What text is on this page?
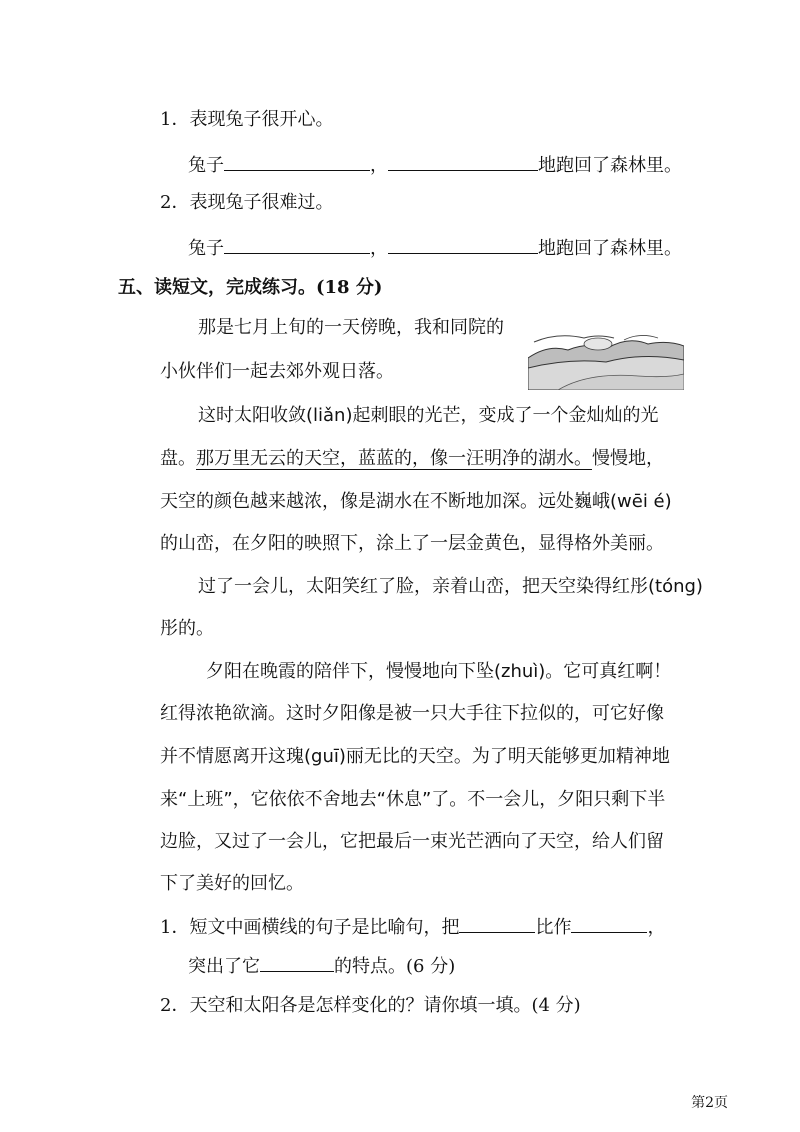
1．表现兔子很开心。
兔子	，	地跑回了森林里。
2．表现兔子很难过。
兔子	，	地跑回了森林里。
五、读短文，完成练习。(18 分)
那是七月上旬的一天傍晚，我和同院的
小伙伴们一起去郊外观日落。
这时太阳收敛(liǎn)起刺眼的光芒，变成了一个金灿灿的光
盘。那万里无云的天空，蓝蓝的，像一汪明净的湖水。慢慢地，
天空的颜色越来越浓，像是湖水在不断地加深。远处巍峨(wēi é)
的山峦，在夕阳的映照下，涂上了一层金黄色，显得格外美丽。
过了一会儿，太阳笑红了脸，亲着山峦，把天空染得红彤(tóng)
彤的。
夕阳在晚霞的陪伴下，慢慢地向下坠(zhuì)。它可真红啊！
红得浓艳欲滴。这时夕阳像是被一只大手往下拉似的，可它好像
并不情愿离开这瑰(guī)丽无比的天空。为了明天能够更加精神地
来“上班”，它依依不舍地去“休息”了。不一会儿，夕阳只剩下半
边脸，又过了一会儿，它把最后一束光芒洒向了天空，给人们留
下了美好的回忆。
1．短文中画横线的句子是比喻句，把	比作	，
突出了它	的特点。(6 分)
2．天空和太阳各是怎样变化的？请你填一填。(4 分)
第2页
